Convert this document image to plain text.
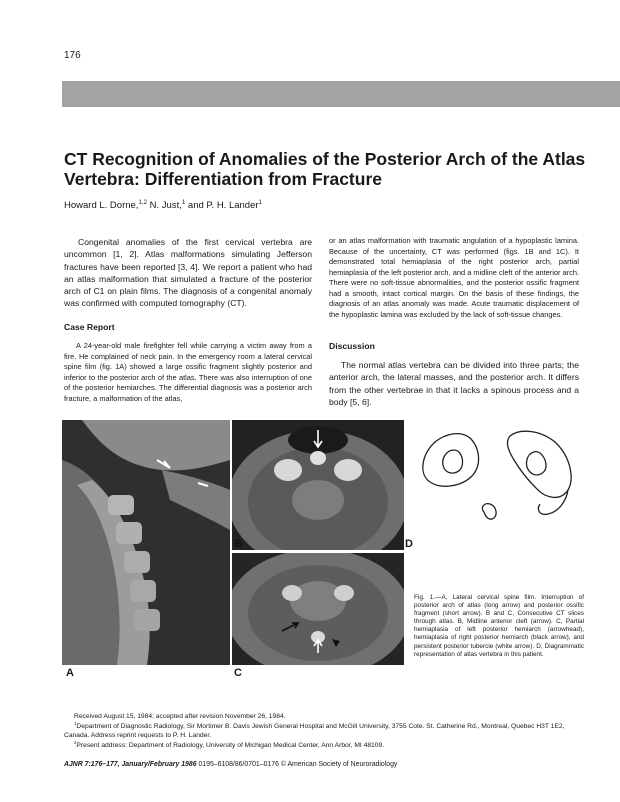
176
CT Recognition of Anomalies of the Posterior Arch of the Atlas Vertebra: Differentiation from Fracture
Howard L. Dorne,$^{1,2}$ N. Just,$^1$ and P. H. Lander$^1$

Congenital anomalies of the first cervical vertebra are uncommon [1, 2]. Atlas malformations simulating Jefferson fractures have been reported [3, 4]. We report a patient who had an atlas malformation that simulated a fracture of the posterior arch of C1 on plain films. The diagnosis of a congenital anomaly was confirmed with computed tomography (CT).

Case Report

A 24-year-old male firefighter fell while carrying a victim away from a fire. He complained of neck pain. In the emergency room a lateral cervical spine film (fig. 1A) showed a large ossific fragment slightly posterior and inferior to the posterior arch of the atlas. There was also interruption of one of the posterior hemiarches. The differential diagnosis was a posterior arch fracture, a malformation of the atlas,

or an atlas malformation with traumatic angulation of a hypoplastic lamina. Because of the uncertainty, CT was performed (figs. 1B and 1C). It demonstrated total hemiaplasia of the right posterior arch, partial hemiaplasia of the left posterior arch, and a midline cleft of the anterior arch. There were no soft-tissue abnormalities, and the posterior ossific fragment had a smooth, intact cortical margin. On the basis of these findings, the diagnosis of an atlas anomaly was made. Acute traumatic displacement of the hypoplastic lamina was excluded by the lack of soft-tissue changes.

Discussion

The normal atlas vertebra can be divided into three parts; the anterior arch, the lateral masses, and the posterior arch. It differs from the other vertebrae in that it lacks a spinous process and a body [5, 6].

A
B
C
D

Fig. 1.—A, Lateral cervical spine film. Interruption of posterior arch of atlas (long arrow) and posterior ossific fragment (short arrow). B and C, Consecutive CT slices through atlas. B, Midline anterior cleft (arrow). C, Partial hemiaplasia of left posterior hemiarch (arrowhead), hemiaplasia of right posterior hemiarch (black arrow), and persistent posterior tubercle (white arrow). D, Diagrammatic representation of atlas vertebra in this patient.

Received August 15, 1984; accepted after revision November 26, 1984.

$^1$Department of Diagnostic Radiology, Sir Mortimer B. Davis Jewish General Hospital and McGill University, 3755 Cote. St. Catherine Rd., Montreal, Quebec H3T 1E2, Canada. Address reprint requests to P. H. Lander.

$^2$Present address: Department of Radiology, University of Michigan Medical Center, Ann Arbor, MI 48109.

AJNR 7:176–177, January/February 1986 0195–6108/86/0701–0176 © American Society of Neuroradiology
